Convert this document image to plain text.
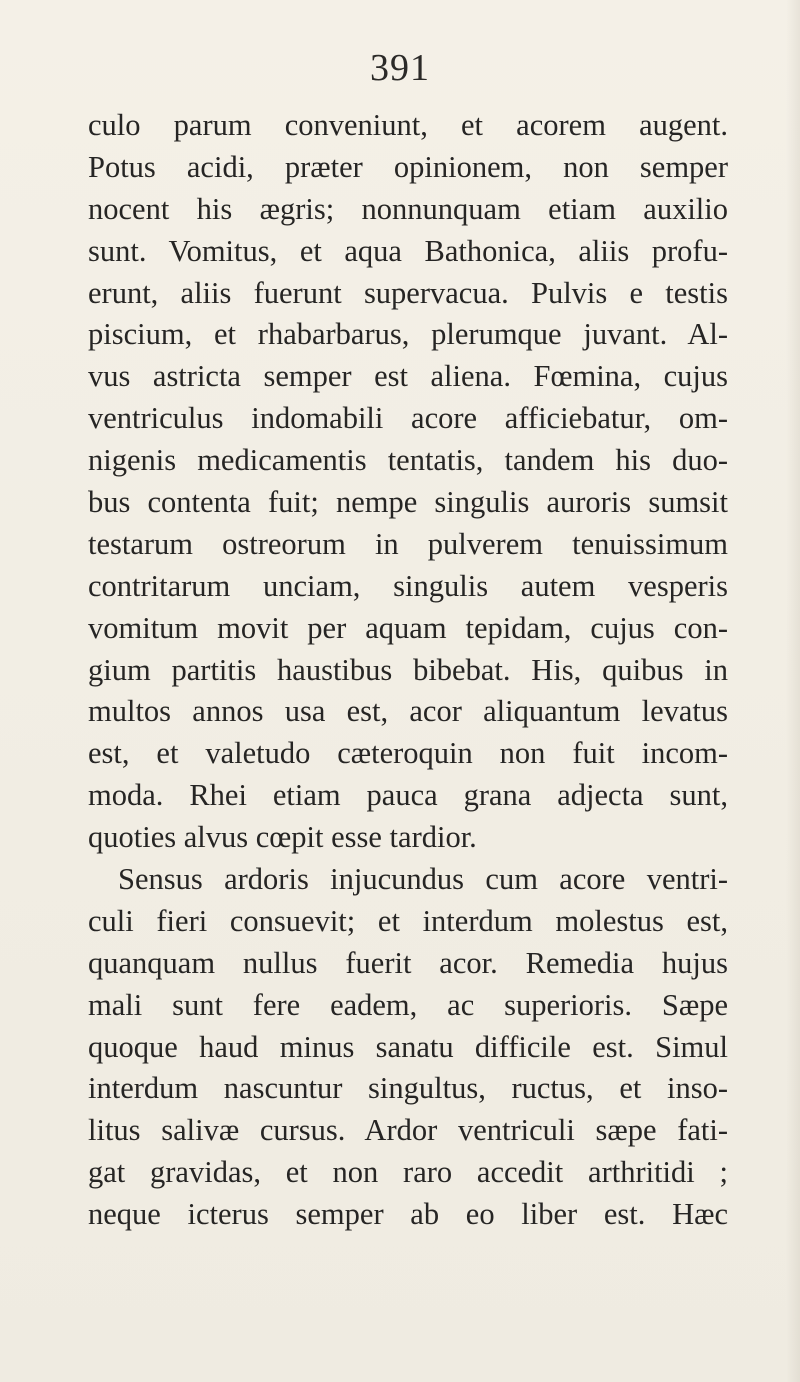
391
culo parum conveniunt, et acorem augent.
Potus acidi, præter opinionem, non semper
nocent his ægris; nonnunquam etiam auxilio
sunt. Vomitus, et aqua Bathonica, aliis profu-
erunt, aliis fuerunt supervacua. Pulvis e testis
piscium, et rhabarbarus, plerumque juvant. Al-
vus astricta semper est aliena. Fœmina, cujus
ventriculus indomabili acore afficiebatur, om-
nigenis medicamentis tentatis, tandem his duo-
bus contenta fuit; nempe singulis auroris sumsit
testarum ostreorum in pulverem tenuissimum
contritarum unciam, singulis autem vesperis
vomitum movit per aquam tepidam, cujus con-
gium partitis haustibus bibebat. His, quibus in
multos annos usa est, acor aliquantum levatus
est, et valetudo cæteroquin non fuit incom-
moda. Rhei etiam pauca grana adjecta sunt,
quoties alvus cœpit esse tardior.
Sensus ardoris injucundus cum acore ventri-
culi fieri consuevit; et interdum molestus est,
quanquam nullus fuerit acor. Remedia hujus
mali sunt fere eadem, ac superioris. Sæpe
quoque haud minus sanatu difficile est. Simul
interdum nascuntur singultus, ructus, et inso-
litus salivæ cursus. Ardor ventriculi sæpe fati-
gat gravidas, et non raro accedit arthritidi ;
neque icterus semper ab eo liber est. Hæc
